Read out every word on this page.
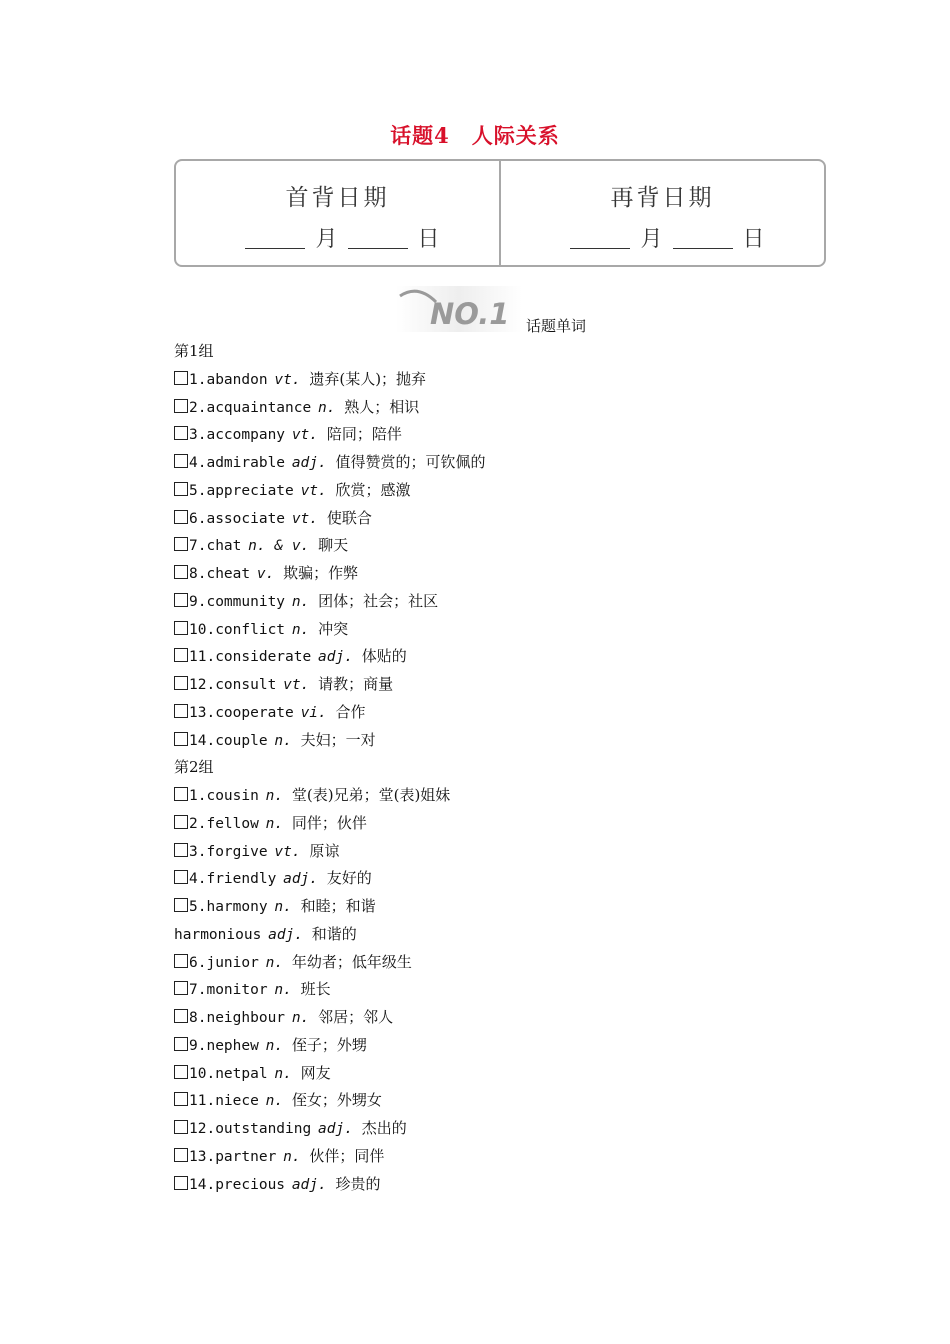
话题4　人际关系
首背日期
月	日
再背日期
月	日
NO.1 话题单词
第1组
1.abandon vt. 遗弃(某人)；抛弃
2.acquaintance n. 熟人；相识
3.accompany vt. 陪同；陪伴
4.admirable adj. 值得赞赏的；可钦佩的
5.appreciate vt. 欣赏；感激
6.associate vt. 使联合
7.chat n. & v. 聊天
8.cheat v. 欺骗；作弊
9.community n. 团体；社会；社区
10.conflict n. 冲突
11.considerate adj. 体贴的
12.consult vt. 请教；商量
13.cooperate vi. 合作
14.couple n. 夫妇；一对
第2组
1.cousin n. 堂(表)兄弟；堂(表)姐妹
2.fellow n. 同伴；伙伴
3.forgive vt. 原谅
4.friendly adj. 友好的
5.harmony n. 和睦；和谐
harmonious adj. 和谐的
6.junior n. 年幼者；低年级生
7.monitor n. 班长
8.neighbour n. 邻居；邻人
9.nephew n. 侄子；外甥
10.netpal n. 网友
11.niece n. 侄女；外甥女
12.outstanding adj. 杰出的
13.partner n. 伙伴；同伴
14.precious adj. 珍贵的
